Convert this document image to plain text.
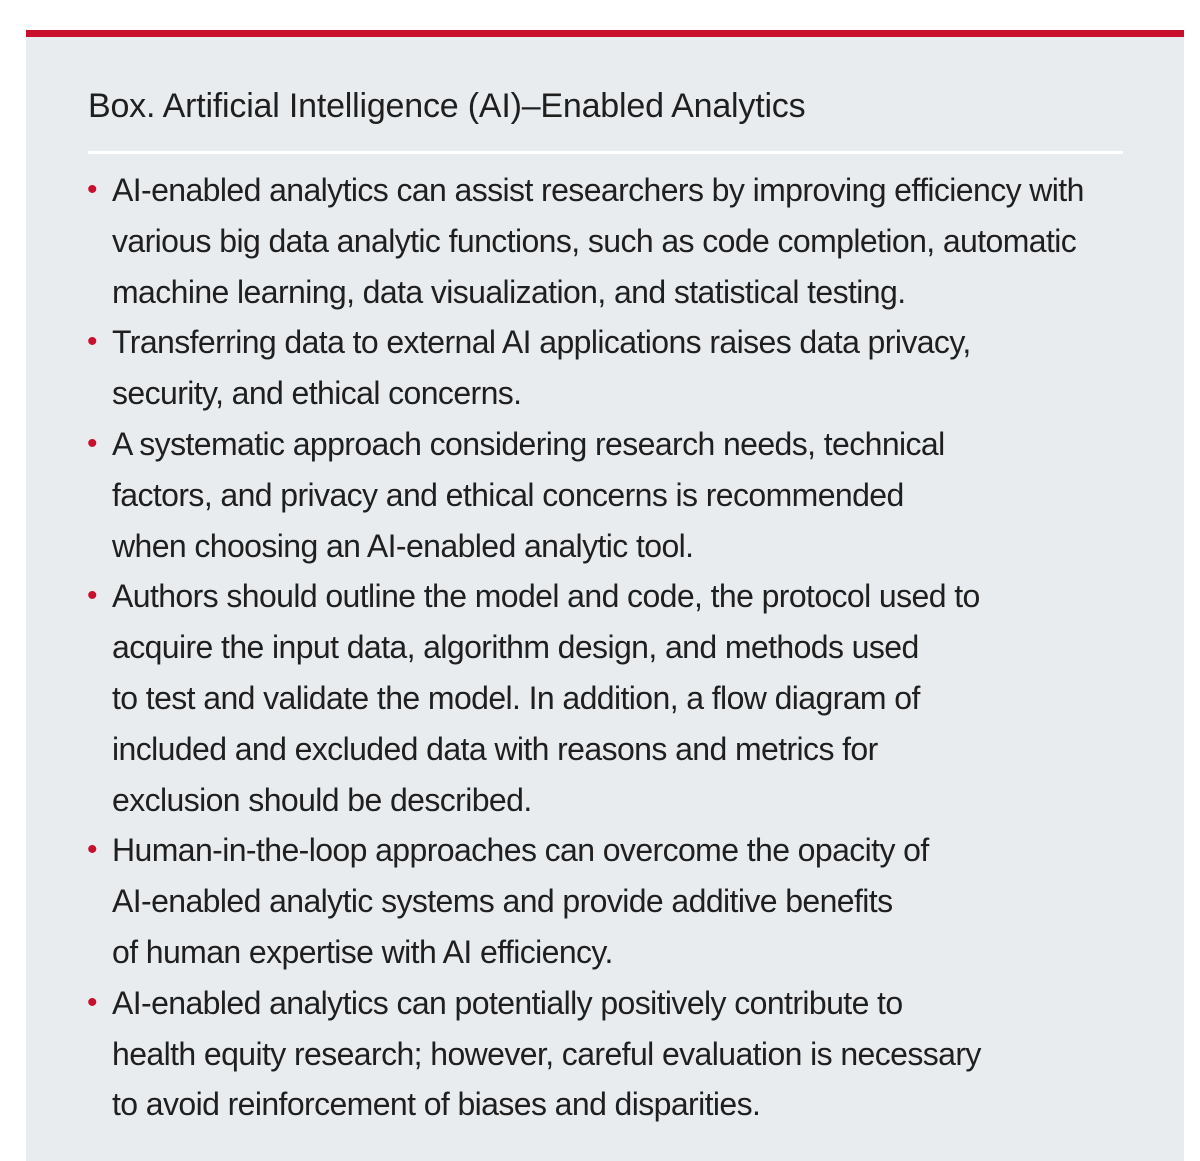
Box. Artificial Intelligence (AI)–Enabled Analytics
• AI-enabled analytics can assist researchers by improving efficiency with
various big data analytic functions, such as code completion, automatic
machine learning, data visualization, and statistical testing.
• Transferring data to external AI applications raises data privacy,
security, and ethical concerns.
• A systematic approach considering research needs, technical
factors, and privacy and ethical concerns is recommended
when choosing an AI-enabled analytic tool.
• Authors should outline the model and code, the protocol used to
acquire the input data, algorithm design, and methods used
to test and validate the model. In addition, a flow diagram of
included and excluded data with reasons and metrics for
exclusion should be described.
• Human-in-the-loop approaches can overcome the opacity of
AI-enabled analytic systems and provide additive benefits
of human expertise with AI efficiency.
• AI-enabled analytics can potentially positively contribute to
health equity research; however, careful evaluation is necessary
to avoid reinforcement of biases and disparities.
